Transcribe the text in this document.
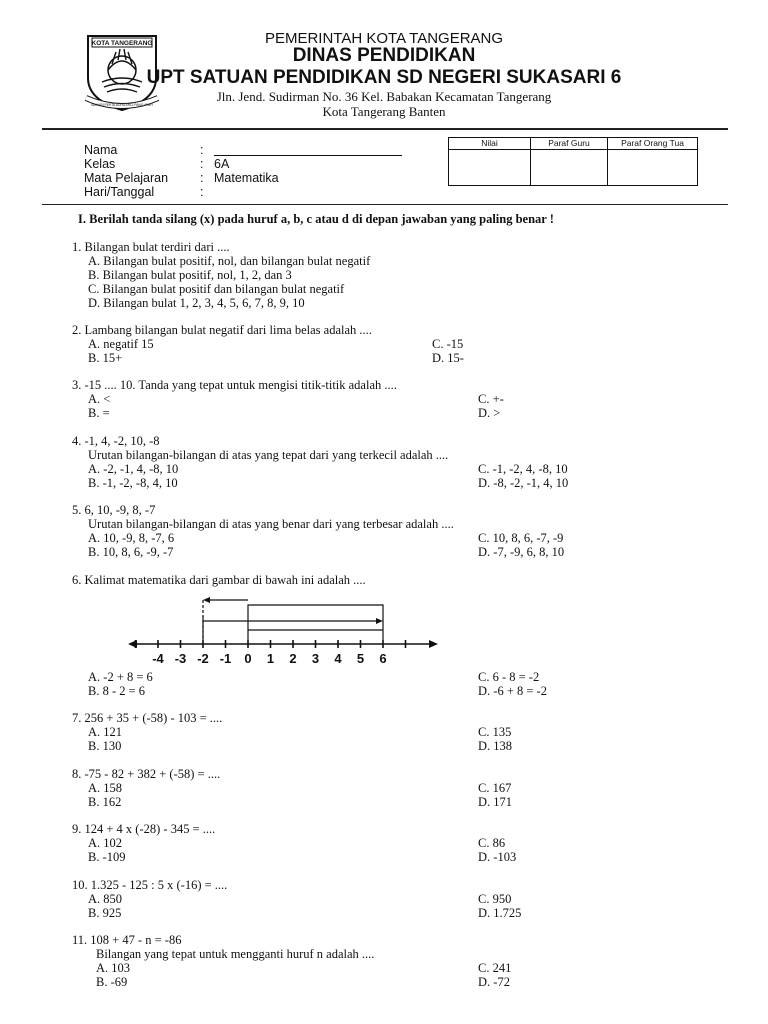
KOTA TANGERANG
BAHARI PERTA ADHA ARCI PANG AYAH
PEMERINTAH KOTA TANGERANG
DINAS PENDIDIKAN
UPT SATUAN PENDIDIKAN SD NEGERI SUKASARI 6
Jln. Jend. Sudirman No. 36 Kel. Babakan Kecamatan Tangerang
Kota Tangerang Banten
Nama	:
Kelas	: 6A
Mata Pelajaran	: Matematika
Hari/Tanggal	:
Nilai	Paraf Guru	Paraf Orang Tua
I. Berilah tanda silang (x) pada huruf a, b, c atau d di depan jawaban yang paling benar !
1. Bilangan bulat terdiri dari ....
A. Bilangan bulat positif, nol, dan bilangan bulat negatif
B. Bilangan bulat positif, nol, 1, 2, dan 3
C. Bilangan bulat positif dan bilangan bulat negatif
D. Bilangan bulat 1, 2, 3, 4, 5, 6, 7, 8, 9, 10
2. Lambang bilangan bulat negatif dari lima belas adalah ....
A. negatif 15	C. -15
B. 15+	D. 15-
3. -15 .... 10. Tanda yang tepat untuk mengisi titik-titik adalah ....
A. <	C. +-
B. =	D. >
4. -1, 4, -2, 10, -8
Urutan bilangan-bilangan di atas yang tepat dari yang terkecil adalah ....
A. -2, -1, 4, -8, 10	C. -1, -2, 4, -8, 10
B. -1, -2, -8, 4, 10	D. -8, -2, -1, 4, 10
5. 6, 10, -9, 8, -7
Urutan bilangan-bilangan di atas yang benar dari yang terbesar adalah ....
A. 10, -9, 8, -7, 6	C. 10, 8, 6, -7, -9
B. 10, 8, 6, -9, -7	D. -7, -9, 6, 8, 10
6. Kalimat matematika dari gambar di bawah ini adalah ....
-4 -3 -2 -1 0 1 2 3 4 5 6
A. -2 + 8 = 6	C. 6 - 8 = -2
B. 8 - 2 = 6	D. -6 + 8 = -2
7. 256 + 35 + (-58) - 103 = ....
A. 121	C. 135
B. 130	D. 138
8. -75 - 82 + 382 + (-58) = ....
A. 158	C. 167
B. 162	D. 171
9. 124 + 4 x (-28) - 345 = ....
A. 102	C. 86
B. -109	D. -103
10. 1.325 - 125 : 5 x (-16) = ....
A. 850	C. 950
B. 925	D. 1.725
11. 108 + 47 - n = -86
Bilangan yang tepat untuk mengganti huruf n adalah ....
A. 103	C. 241
B. -69	D. -72
